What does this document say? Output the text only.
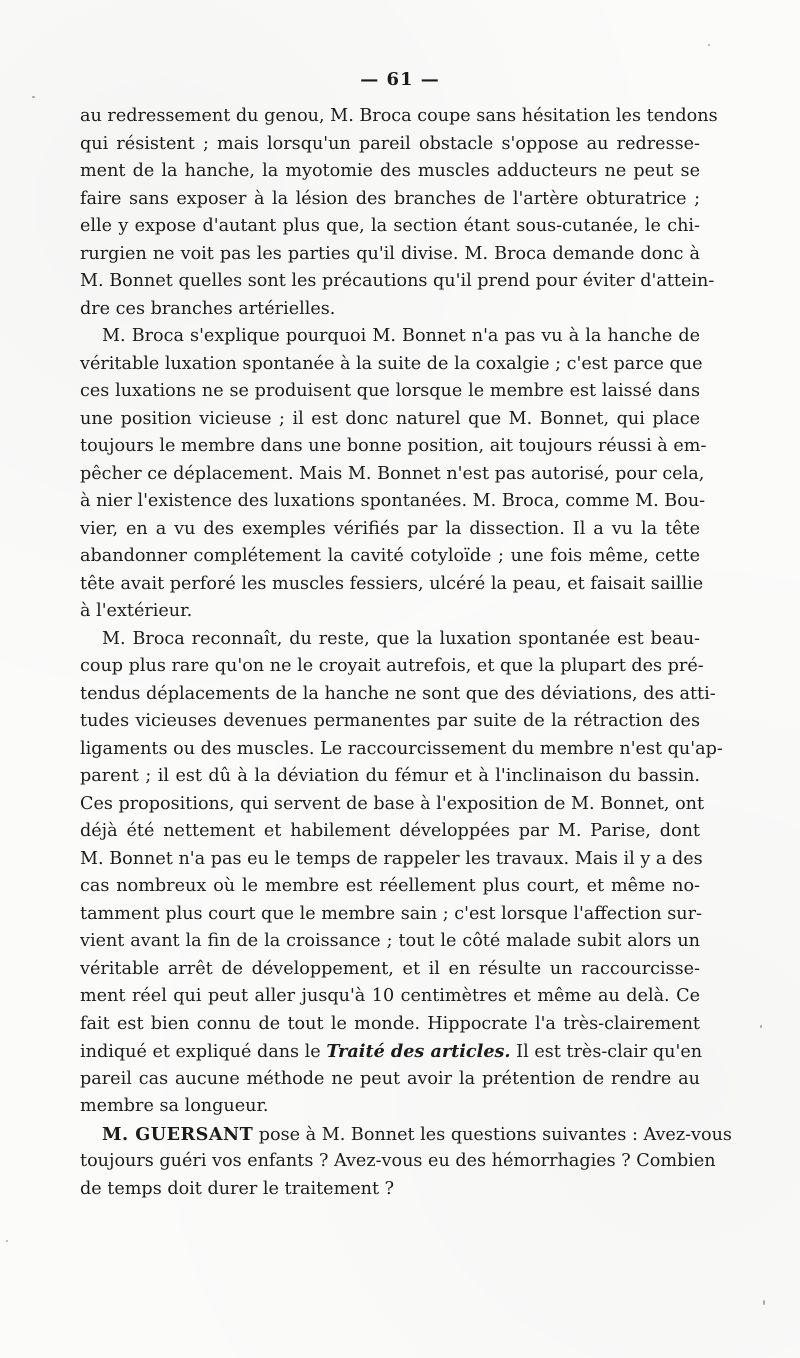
— 61 —

au redressement du genou, M. Broca coupe sans hésitation les tendons
qui résistent ; mais lorsqu'un pareil obstacle s'oppose au redresse-
ment de la hanche, la myotomie des muscles adducteurs ne peut se
faire sans exposer à la lésion des branches de l'artère obturatrice ;
elle y expose d'autant plus que, la section étant sous-cutanée, le chi-
rurgien ne voit pas les parties qu'il divise. M. Broca demande donc à
M. Bonnet quelles sont les précautions qu'il prend pour éviter d'attein-
dre ces branches artérielles.

M. Broca s'explique pourquoi M. Bonnet n'a pas vu à la hanche de
véritable luxation spontanée à la suite de la coxalgie ; c'est parce que
ces luxations ne se produisent que lorsque le membre est laissé dans
une position vicieuse ; il est donc naturel que M. Bonnet, qui place
toujours le membre dans une bonne position, ait toujours réussi à em-
pêcher ce déplacement. Mais M. Bonnet n'est pas autorisé, pour cela,
à nier l'existence des luxations spontanées. M. Broca, comme M. Bou-
vier, en a vu des exemples vérifiés par la dissection. Il a vu la tête
abandonner complétement la cavité cotyloïde ; une fois même, cette
tête avait perforé les muscles fessiers, ulcéré la peau, et faisait saillie
à l'extérieur.

M. Broca reconnaît, du reste, que la luxation spontanée est beau-
coup plus rare qu'on ne le croyait autrefois, et que la plupart des pré-
tendus déplacements de la hanche ne sont que des déviations, des atti-
tudes vicieuses devenues permanentes par suite de la rétraction des
ligaments ou des muscles. Le raccourcissement du membre n'est qu'ap-
parent ; il est dû à la déviation du fémur et à l'inclinaison du bassin.
Ces propositions, qui servent de base à l'exposition de M. Bonnet, ont
déjà été nettement et habilement développées par M. Parise, dont
M. Bonnet n'a pas eu le temps de rappeler les travaux. Mais il y a des
cas nombreux où le membre est réellement plus court, et même no-
tamment plus court que le membre sain ; c'est lorsque l'affection sur-
vient avant la fin de la croissance ; tout le côté malade subit alors un
véritable arrêt de développement, et il en résulte un raccourcisse-
ment réel qui peut aller jusqu'à 10 centimètres et même au delà. Ce
fait est bien connu de tout le monde. Hippocrate l'a très-clairement
indiqué et expliqué dans le Traité des articles. Il est très-clair qu'en
pareil cas aucune méthode ne peut avoir la prétention de rendre au
membre sa longueur.

M. GUERSANT pose à M. Bonnet les questions suivantes : Avez-vous
toujours guéri vos enfants ? Avez-vous eu des hémorrhagies ? Combien
de temps doit durer le traitement ?
